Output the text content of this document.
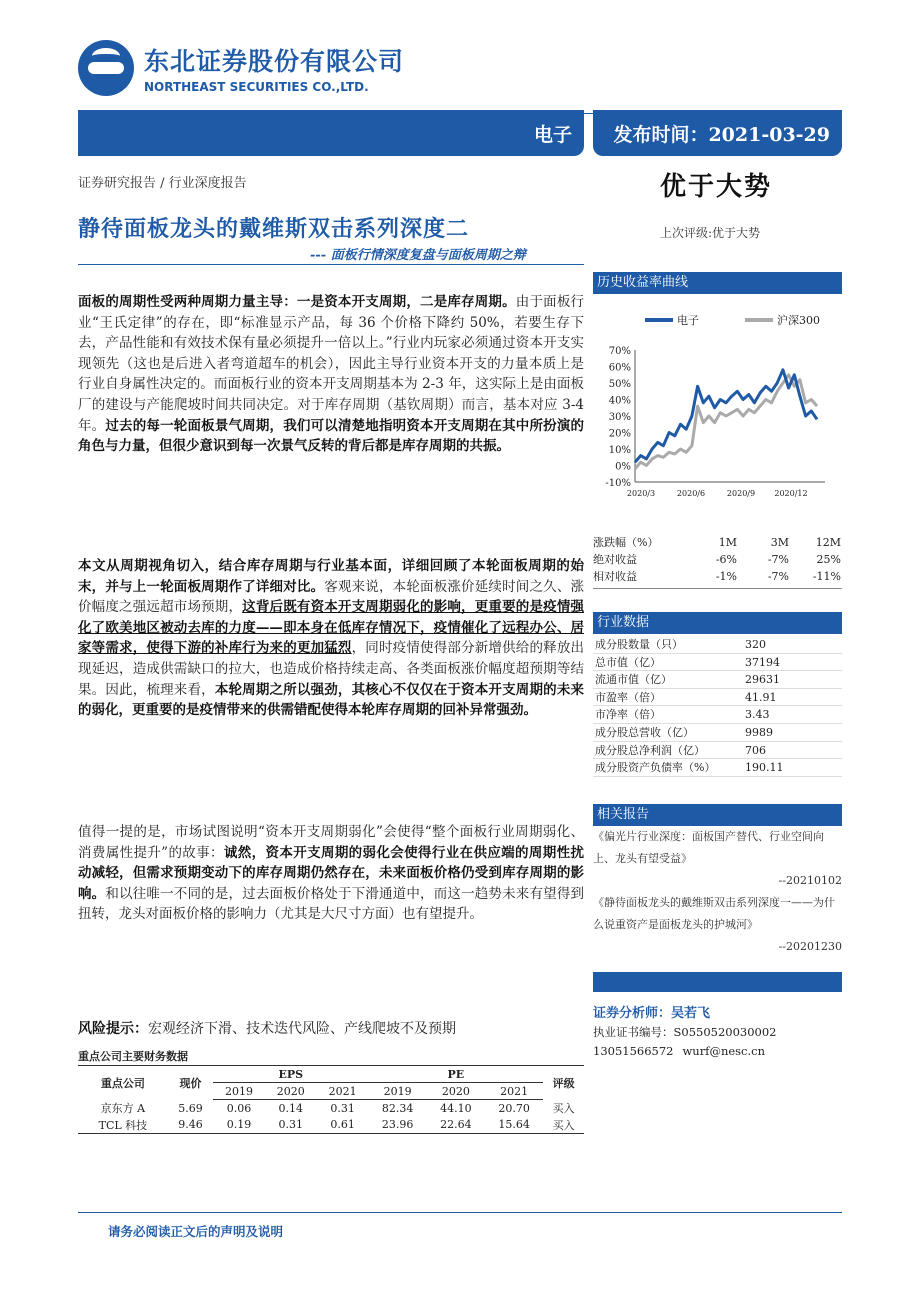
东北证券股份有限公司
NORTHEAST SECURITIES CO.,LTD.
电子 发布时间：2021-03-29
证券研究报告 / 行业深度报告	优于大势
静待面板龙头的戴维斯双击系列深度二	上次评级:优于大势
--- 面板行情深度复盘与面板周期之辩
面板的周期性受两种周期力量主导：一是资本开支周期，二是库存周期。由于面板行业“王氏定律”的存在，即“标准显示产品，每 36 个价格下降约 50%，若要生存下去，产品性能和有效技术保有量必须提升一倍以上。”行业内玩家必须通过资本开支实现领先（这也是后进入者弯道超车的机会），因此主导行业资本开支的力量本质上是行业自身属性决定的。而面板行业的资本开支周期基本为 2-3 年，这实际上是由面板厂的建设与产能爬坡时间共同决定。对于库存周期（基钦周期）而言，基本对应 3-4 年。过去的每一轮面板景气周期，我们可以清楚地指明资本开支周期在其中所扮演的角色与力量，但很少意识到每一次景气反转的背后都是库存周期的共振。
本文从周期视角切入，结合库存周期与行业基本面，详细回顾了本轮面板周期的始末，并与上一轮面板周期作了详细对比。客观来说，本轮面板涨价延续时间之久、涨价幅度之强远超市场预期，这背后既有资本开支周期弱化的影响，更重要的是疫情强化了欧美地区被动去库的力度——即本身在低库存情况下，疫情催化了远程办公、居家等需求，使得下游的补库行为来的更加猛烈，同时疫情使得部分新增供给的释放出现延迟，造成供需缺口的拉大，也造成价格持续走高、各类面板涨价幅度超预期等结果。因此，梳理来看，本轮周期之所以强劲，其核心不仅仅在于资本开支周期的未来的弱化，更重要的是疫情带来的供需错配使得本轮库存周期的回补异常强劲。
值得一提的是，市场试图说明“资本开支周期弱化”会使得“整个面板行业周期弱化、消费属性提升”的故事：诚然，资本开支周期的弱化会使得行业在供应端的周期性扰动减轻，但需求预期变动下的库存周期仍然存在，未来面板价格仍受到库存周期的影响。和以往唯一不同的是，过去面板价格处于下滑通道中，而这一趋势未来有望得到扭转，龙头对面板价格的影响力（尤其是大尺寸方面）也有望提升。
风险提示：宏观经济下滑、技术迭代风险、产线爬坡不及预期
历史收益率曲线
电子	沪深300
70%
60%
50%
40%
30%
20%
10%
0%
-10%
2020/3	2020/6	2020/9 2020/12
涨跌幅（%）	1M	3M	12M
绝对收益	-6%	-7%	25%
相对收益	-1%	-7%	-11%
行业数据
成分股数量（只）	320
总市值（亿）	37194
流通市值（亿）	29631
市盈率（倍）	41.91
市净率（倍）	3.43
成分股总营收（亿）	9989
成分股总净利润（亿）	706
成分股资产负债率（%）	190.11
相关报告
《偏光片行业深度：面板国产替代、行业空间向上、龙头有望受益》
--20210102
《静待面板龙头的戴维斯双击系列深度一——为什么说重资产是面板龙头的护城河》
--20201230
证券分析师：吴若飞
执业证书编号：S0550520030002
13051566572 wurf@nesc.cn
重点公司主要财务数据
重点公司	现价	EPS			PE			评级
		2019	2020	2021	2019	2020	2021	
京东方 A	5.69	0.06	0.14	0.31	82.34	44.10	20.70	买入
TCL 科技	9.46	0.19	0.31	0.61	23.96	22.64	15.64	买入
请务必阅读正文后的声明及说明
